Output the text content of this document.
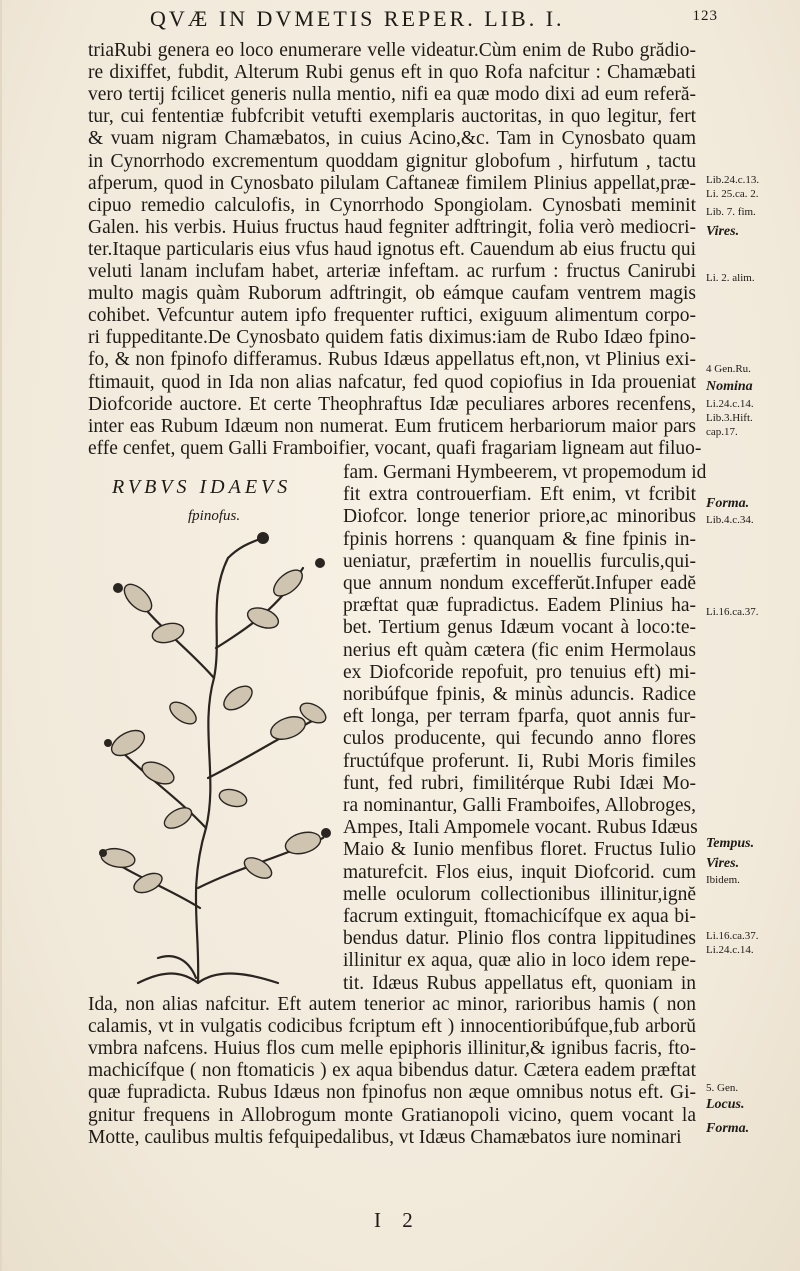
QVÆ IN DVMETIS REPER. LIB. I.	123
triaRubi genera eo loco enumerare velle videatur.Cùm enim de Rubo grădio-
re dixiffet, fubdit, Alterum Rubi genus eft in quo Rofa nafcitur : Chamæbati
vero tertij fcilicet generis nulla mentio, nifi ea quæ modo dixi ad eum referă-
tur, cui fententiæ fubfcribit vetufti exemplaris auctoritas, in quo legitur, fert
& vuam nigram Chamæbatos, in cuius Acino,&c. Tam in Cynosbato quam
in Cynorrhodo excrementum quoddam gignitur globofum , hirfutum , tactu
afperum, quod in Cynosbato pilulam Caftaneæ fimilem Plinius appellat,præ-
cipuo remedio calculofis, in Cynorrhodo Spongiolam. Cynosbati meminit
Galen. his verbis. Huius fructus haud fegniter adftringit, folia verò mediocri-
ter.Itaque particularis eius vfus haud ignotus eft. Cauendum ab eius fructu qui
veluti lanam inclufam habet, arteriæ infeftam. ac rurfum : fructus Canirubi
multo magis quàm Ruborum adftringit, ob eámque caufam ventrem magis
cohibet. Vefcuntur autem ipfo frequenter ruftici, exiguum alimentum corpo-
ri fuppeditante.De Cynosbato quidem fatis diximus:iam de Rubo Idæo fpino-
fo, & non fpinofo differamus. Rubus Idæus appellatus eft,non, vt Plinius exi-
ftimauit, quod in Ida non alias nafcatur, fed quod copiofius in Ida proueniat
Diofcoride auctore. Et certe Theophraftus Idæ peculiares arbores recenfens,
inter eas Rubum Idæum non numerat. Eum fruticem herbariorum maior pars
effe cenfet, quem Galli Framboifier, vocant, quafi fragariam ligneam aut filuo-
fam. Germani Hymbeerem, vt propemodum id
fit extra controuerfiam. Eft enim, vt fcribit
Diofcor. longe tenerior priore,ac minoribus
fpinis horrens : quanquam & fine fpinis in-
ueniatur, præfertim in nouellis furculis,qui-
que annum nondum excefferŭt.Infuper eadĕ
præftat quæ fupradictus. Eadem Plinius ha-
bet. Tertium genus Idæum vocant à loco:te-
nerius eft quàm cætera (fic enim Hermolaus
ex Diofcoride repofuit, pro tenuius eft) mi-
noribúfque fpinis, & minùs aduncis. Radice
eft longa, per terram fparfa, quot annis fur-
culos producente, qui fecundo anno flores
fructúfque proferunt. Ii, Rubi Moris fimiles
funt, fed rubri, fimilitérque Rubi Idæi Mo-
ra nominantur, Galli Framboifes, Allobroges,
Ampes, Itali Ampomele vocant. Rubus Idæus
Maio & Iunio menfibus floret. Fructus Iulio
maturefcit. Flos eius, inquit Diofcorid. cum
melle oculorum collectionibus illinitur,ignĕ
facrum extinguit, ftomachicífque ex aqua bi-
bendus datur. Plinio flos contra lippitudines
illinitur ex aqua, quæ alio in loco idem repe-
tit. Idæus Rubus appellatus eft, quoniam in
Ida, non alias nafcitur. Eft autem tenerior ac minor, rarioribus hamis ( non
calamis, vt in vulgatis codicibus fcriptum eft ) innocentioribúfque,fub arborŭ
vmbra nafcens. Huius flos cum melle epiphoris illinitur,& ignibus facris, fto-
machicífque ( non ftomaticis ) ex aqua bibendus datur. Cætera eadem præftat
quæ fupradicta. Rubus Idæus non fpinofus non æque omnibus notus eft. Gi-
gnitur frequens in Allobrogum monte Gratianopoli vicino, quem vocant la
Motte, caulibus multis fefquipedalibus, vt Idæus Chamæbatos iure nominari
Lib.24.c.13.
Li. 25.ca. 2.
Lib. 7. fim.
Vires.
Li. 2. alim.
4 Gen.Ru.
Nomina
Li.24.c.14.
Lib.3.Hift.
cap.17.
Forma.
Lib.4.c.34.
Li.16.ca.37.
Tempus.
Vires.
Ibidem.
Li.16.ca.37.
Li.24.c.14.
5. Gen.
Locus.
Forma.
RVBVS IDAEVS
fpinofus.
I 2
